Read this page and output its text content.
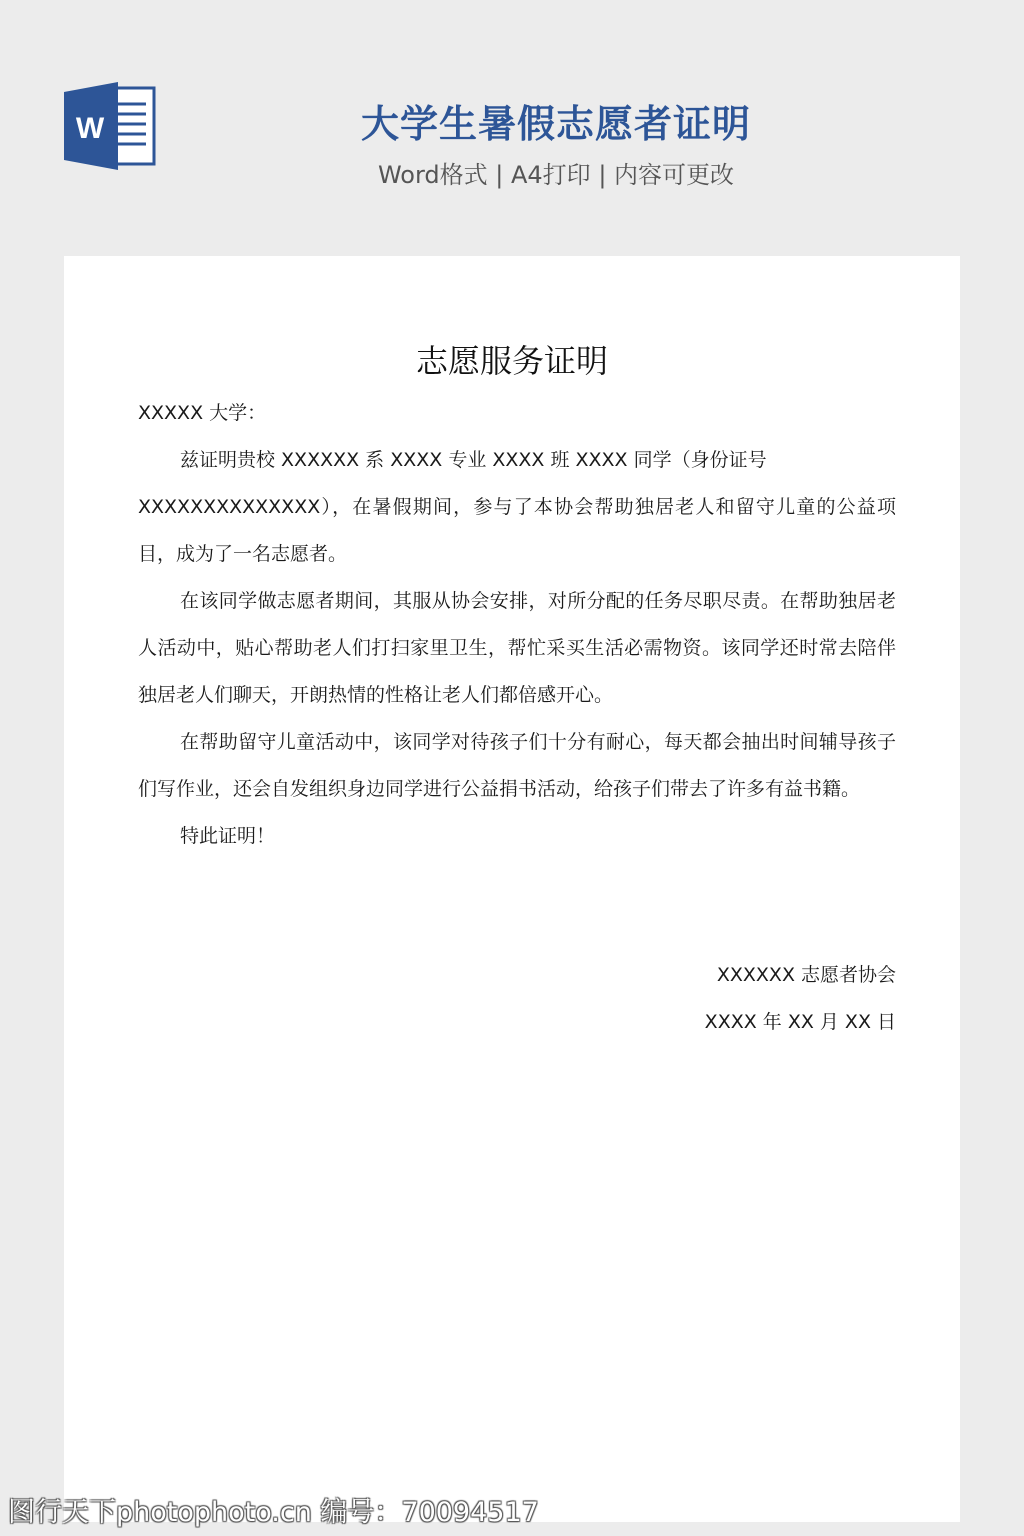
W	大学生暑假志愿者证明
Word格式 | A4打印 | 内容可更改
志愿服务证明

XXXXX 大学：

兹证明贵校 XXXXXX 系 XXXX 专业 XXXX 班 XXXX 同学（身份证号

XXXXXXXXXXXXXX），在暑假期间，参与了本协会帮助独居老人和留守儿童的公益项目，成为了一名志愿者。

在该同学做志愿者期间，其服从协会安排，对所分配的任务尽职尽责。在帮助独居老人活动中，贴心帮助老人们打扫家里卫生，帮忙采买生活必需物资。该同学还时常去陪伴独居老人们聊天，开朗热情的性格让老人们都倍感开心。

在帮助留守儿童活动中，该同学对待孩子们十分有耐心，每天都会抽出时间辅导孩子们写作业，还会自发组织身边同学进行公益捐书活动，给孩子们带去了许多有益书籍。

特此证明！

XXXXXX 志愿者协会
XXXX 年 XX 月 XX 日
图行天下photophoto.cn 编号：70094517
